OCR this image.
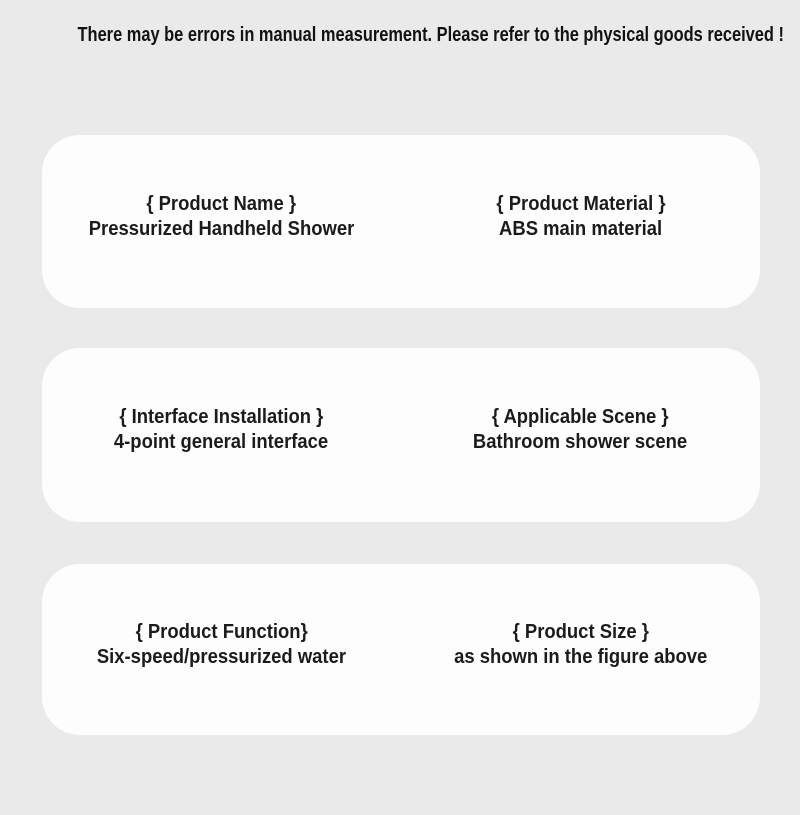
There may be errors in manual measurement. Please refer to the physical goods received !
{ Product Name }
Pressurized Handheld Shower
{ Product Material }
ABS main material
{ Interface Installation }
4-point general interface
{ Applicable Scene }
Bathroom shower scene
{ Product Function}
Six-speed/pressurized water
{ Product Size }
as shown in the figure above
